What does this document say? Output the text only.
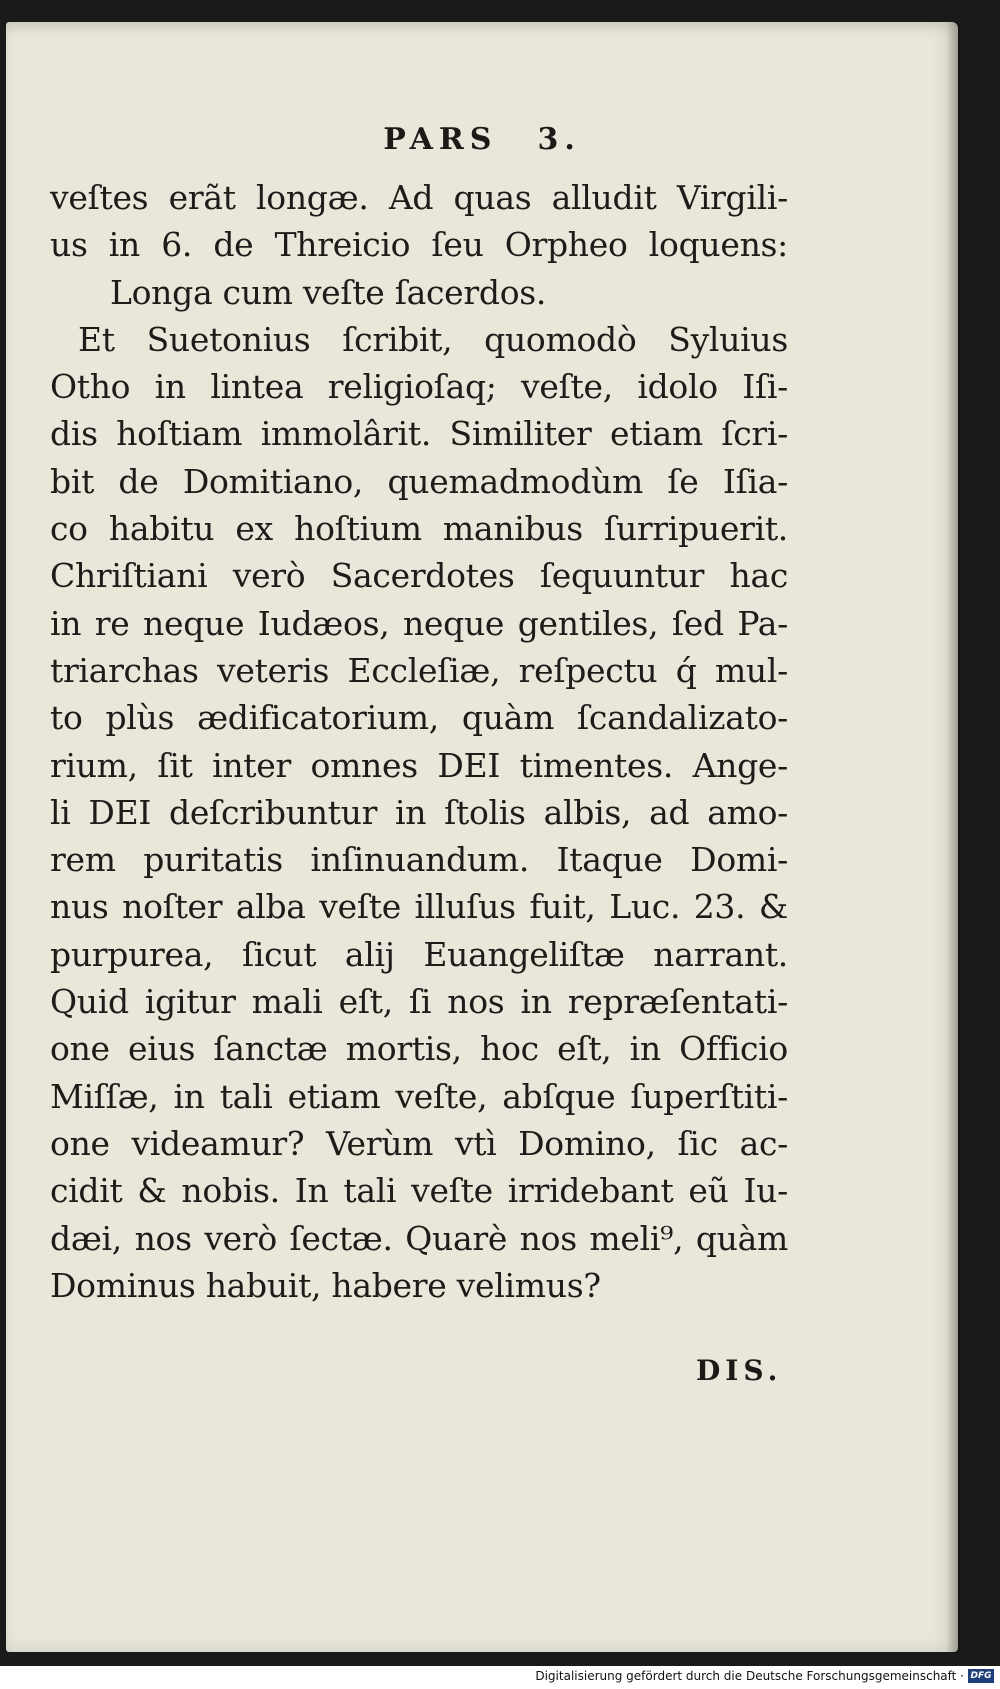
PARS 3.
veſtes erãt longæ. Ad quas alludit Virgili-
us in 6. de Threicio ſeu Orpheo loquens:
Longa cum veſte ſacerdos.
Et Suetonius ſcribit, quomodò Syluius
Otho in lintea religioſaq; veſte, idolo Iſi-
dis hoſtiam immolârit. Similiter etiam ſcri-
bit de Domitiano, quemadmodùm ſe Iſia-
co habitu ex hoſtium manibus ſurripuerit.
Chriſtiani verò Sacerdotes ſequuntur hac
in re neque Iudæos, neque gentiles, ſed Pa-
triarchas veteris Eccleſiæ, reſpectu q́ mul-
to plùs ædificatorium, quàm ſcandalizato-
rium, ſit inter omnes DEI timentes. Ange-
li DEI deſcribuntur in ſtolis albis, ad amo-
rem puritatis inſinuandum. Itaque Domi-
nus noſter alba veſte illuſus fuit, Luc. 23. &
purpurea, ſicut alij Euangeliſtæ narrant.
Quid igitur mali eſt, ſi nos in repræſentati-
one eius ſanctæ mortis, hoc eſt, in Officio
Miſſæ, in tali etiam veſte, abſque ſuperſtiti-
one videamur? Verùm vtì Domino, ſic ac-
cidit & nobis. In tali veſte irridebant eũ Iu-
dæi, nos verò ſectæ. Quarè nos meli⁹, quàm
Dominus habuit, habere velimus?
DIS.
Digitalisierung gefördert durch die Deutsche Forschungsgemeinschaft · DFG
